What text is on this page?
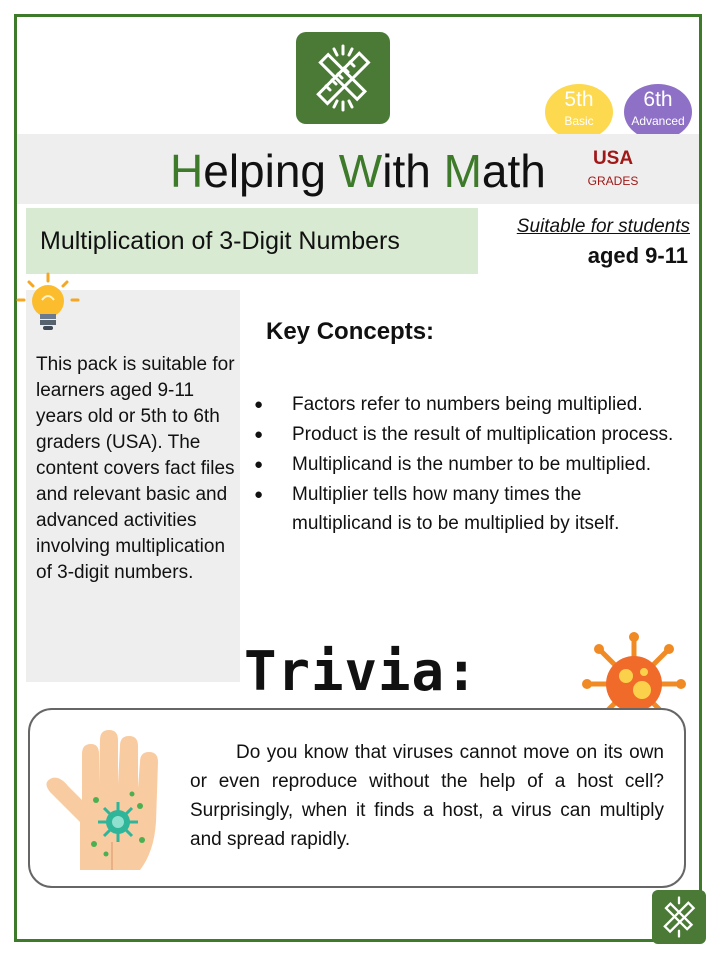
5th
Basic
6th
Advanced
Helping With Math	USA
GRADES
Multiplication of 3-Digit Numbers
Suitable for students
aged 9-11

This pack is suitable for learners aged 9-11 years old or 5th to 6th graders (USA). The content covers fact files and relevant basic and advanced activities involving multiplication of 3-digit numbers.

Key Concepts:
● Factors refer to numbers being multiplied.
● Product is the result of multiplication process.
● Multiplicand is the number to be multiplied.
● Multiplier tells how many times the multiplicand is to be multiplied by itself.
Trivia:

Do you know that viruses cannot move on its own or even reproduce without the help of a host cell? Surprisingly, when it finds a host, a virus can multiply and spread rapidly.
